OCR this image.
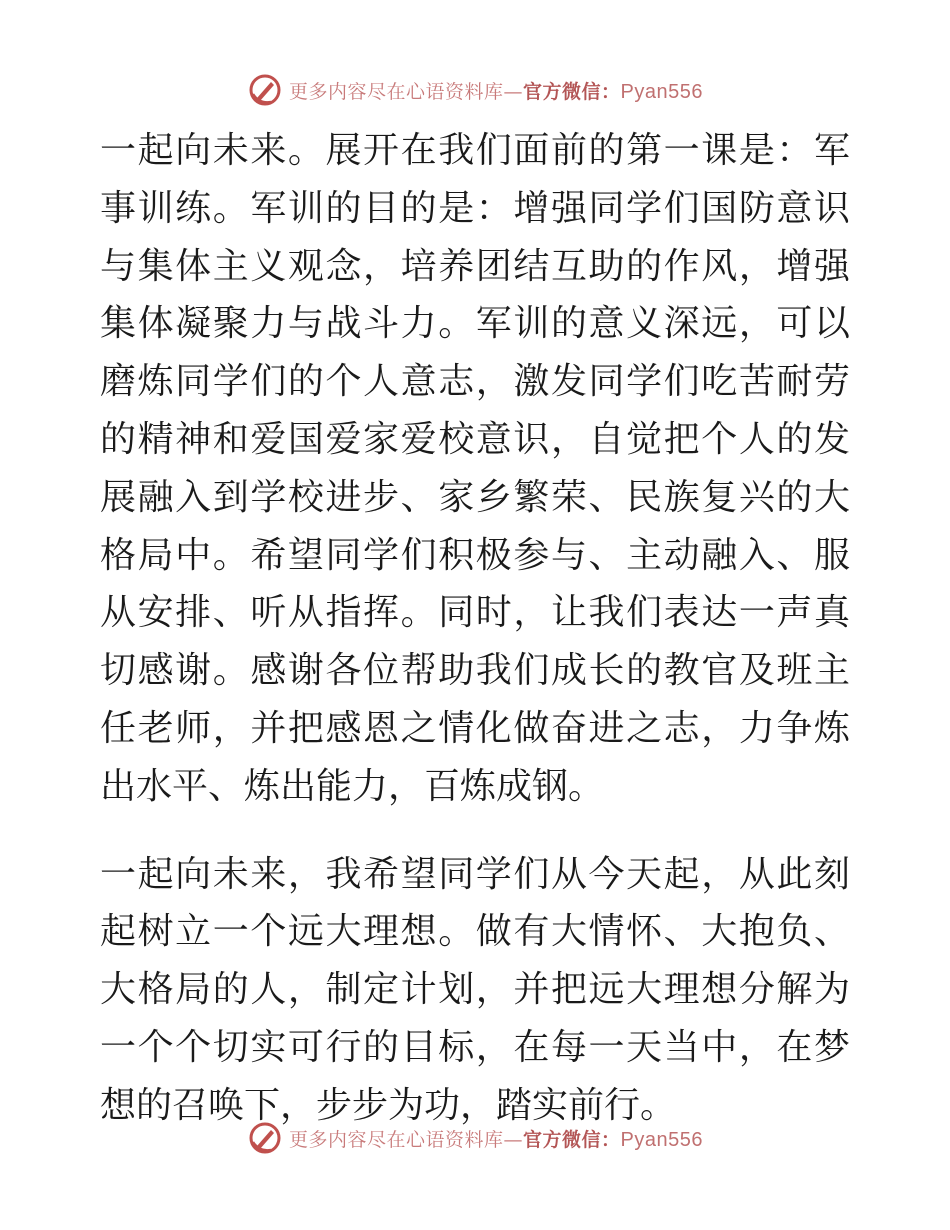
更多内容尽在心语资料库—官方微信：Pyan556

一起向未来。展开在我们面前的第一课是：军事训练。军训的目的是：增强同学们国防意识与集体主义观念，培养团结互助的作风，增强集体凝聚力与战斗力。军训的意义深远，可以磨炼同学们的个人意志，激发同学们吃苦耐劳的精神和爱国爱家爱校意识，自觉把个人的发展融入到学校进步、家乡繁荣、民族复兴的大格局中。希望同学们积极参与、主动融入、服从安排、听从指挥。同时，让我们表达一声真切感谢。感谢各位帮助我们成长的教官及班主任老师，并把感恩之情化做奋进之志，力争炼出水平、炼出能力，百炼成钢。

一起向未来，我希望同学们从今天起，从此刻起树立一个远大理想。做有大情怀、大抱负、大格局的人，制定计划，并把远大理想分解为一个个切实可行的目标，在每一天当中，在梦想的召唤下，步步为功，踏实前行。

更多内容尽在心语资料库—官方微信：Pyan556
